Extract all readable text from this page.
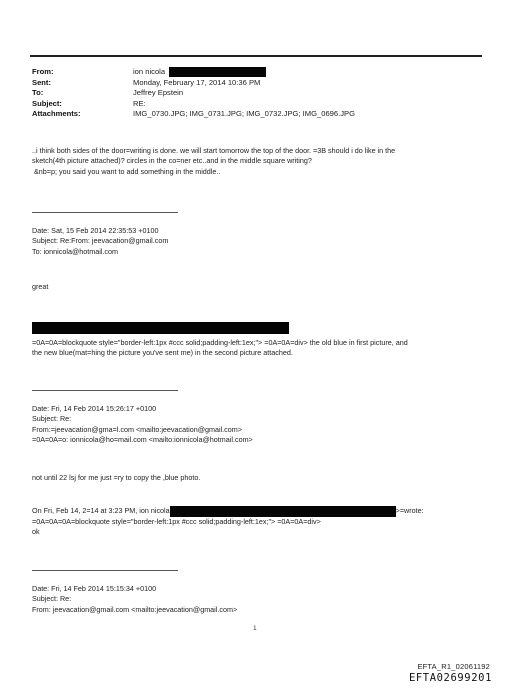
From:	ion nicola
Sent:	Monday, February 17, 2014 10:36 PM
To:	Jeffrey Epstein
Subject:	RE:
Attachments:	IMG_0730.JPG; IMG_0731.JPG; IMG_0732.JPG; IMG_0696.JPG

..i think both sides of the door=writing is done. we will start tomorrow the top of the door. =3B should i do like in the

sketch(4th picture attached)? circles in the co=ner etc..and in the middle square writing?

&nb=p; you said you want to add something in the middle..

Date: Sat, 15 Feb 2014 22:35:53 +0100

Subject: Re:From: jeevacation@gmail.com

To: ionnicola@hotmail.com

great

=0A=0A=blockquote style="border-left:1px #ccc solid;padding-left:1ex;"> =0A=0A=div> the old blue in first picture, and

the new blue(mat=hing the picture you've sent me) in the second picture attached.

Date: Fri, 14 Feb 2014 15:26:17 +0100

Subject: Re:

From:=jeevacation@gma=l.com <mailto:jeevacation@gmail.com>

=0A=0A=o: ionnicola@ho=mail.com <mailto:ionnicola@hotmail.com>

not until 22 lsj for me just =ry to copy the ,blue photo.

On Fri, Feb 14, 2=14 at 3:23 PM, ion nicola	>=wrote:

=0A=0A=0A=blockquote style="border-left:1px #ccc solid;padding-left:1ex;"> =0A=0A=div>

ok

Date: Fri, 14 Feb 2014 15:15:34 +0100

Subject: Re:

From: jeevacation@gmail.com <mailto:jeevacation@gmail.com>

1
EFTA_R1_02061192
EFTA02699201
